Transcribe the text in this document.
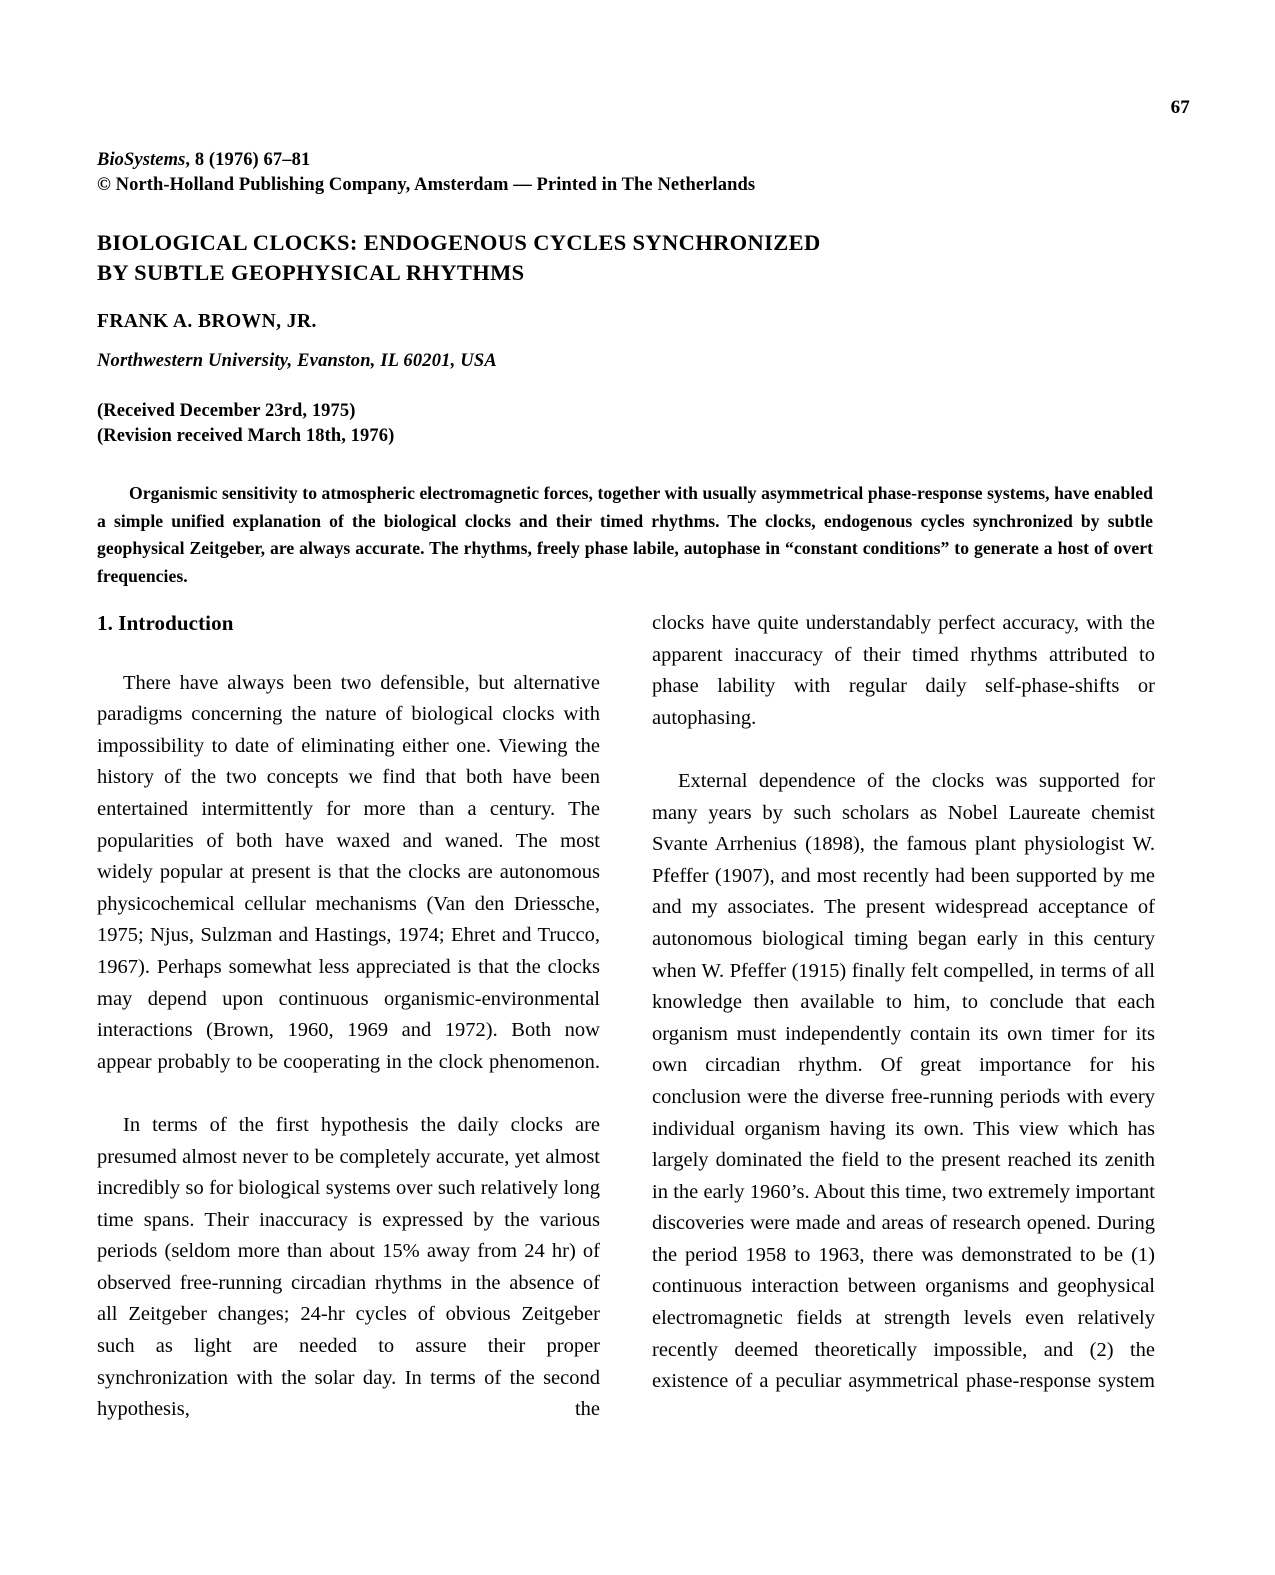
67
BioSystems, 8 (1976) 67–81
© North-Holland Publishing Company, Amsterdam — Printed in The Netherlands
BIOLOGICAL CLOCKS: ENDOGENOUS CYCLES SYNCHRONIZED
BY SUBTLE GEOPHYSICAL RHYTHMS
FRANK A. BROWN, JR.
Northwestern University, Evanston, IL 60201, USA
(Received December 23rd, 1975)
(Revision received March 18th, 1976)
Organismic sensitivity to atmospheric electromagnetic forces, together with usually asymmetrical phase-response systems, have enabled a simple unified explanation of the biological clocks and their timed rhythms. The clocks, endogenous cycles synchronized by subtle geophysical Zeitgeber, are always accurate. The rhythms, freely phase labile, autophase in “constant conditions” to generate a host of overt frequencies.
1. Introduction

There have always been two defensible, but alternative paradigms concerning the nature of biological clocks with impossibility to date of eliminating either one. Viewing the history of the two concepts we find that both have been entertained intermittently for more than a century. The popularities of both have waxed and waned. The most widely popular at present is that the clocks are autonomous physicochemical cellular mechanisms (Van den Driessche, 1975; Njus, Sulzman and Hastings, 1974; Ehret and Trucco, 1967). Perhaps somewhat less appreciated is that the clocks may depend upon continuous organismic-environmental interactions (Brown, 1960, 1969 and 1972). Both now appear probably to be cooperating in the clock phenomenon.

In terms of the first hypothesis the daily clocks are presumed almost never to be completely accurate, yet almost incredibly so for biological systems over such relatively long time spans. Their inaccuracy is expressed by the various periods (seldom more than about 15% away from 24 hr) of observed free-running circadian rhythms in the absence of all Zeitgeber changes; 24-hr cycles of obvious Zeitgeber such as light are needed to assure their proper synchronization with the solar day. In terms of the second hypothesis, the

clocks have quite understandably perfect accuracy, with the apparent inaccuracy of their timed rhythms attributed to phase lability with regular daily self-phase-shifts or autophasing.

External dependence of the clocks was supported for many years by such scholars as Nobel Laureate chemist Svante Arrhenius (1898), the famous plant physiologist W. Pfeffer (1907), and most recently had been supported by me and my associates. The present widespread acceptance of autonomous biological timing began early in this century when W. Pfeffer (1915) finally felt compelled, in terms of all knowledge then available to him, to conclude that each organism must independently contain its own timer for its own circadian rhythm. Of great importance for his conclusion were the diverse free-running periods with every individual organism having its own. This view which has largely dominated the field to the present reached its zenith in the early 1960’s. About this time, two extremely important discoveries were made and areas of research opened. During the period 1958 to 1963, there was demonstrated to be (1) continuous interaction between organisms and geophysical electromagnetic fields at strength levels even relatively recently deemed theoretically impossible, and (2) the existence of a peculiar asymmetrical phase-response system
